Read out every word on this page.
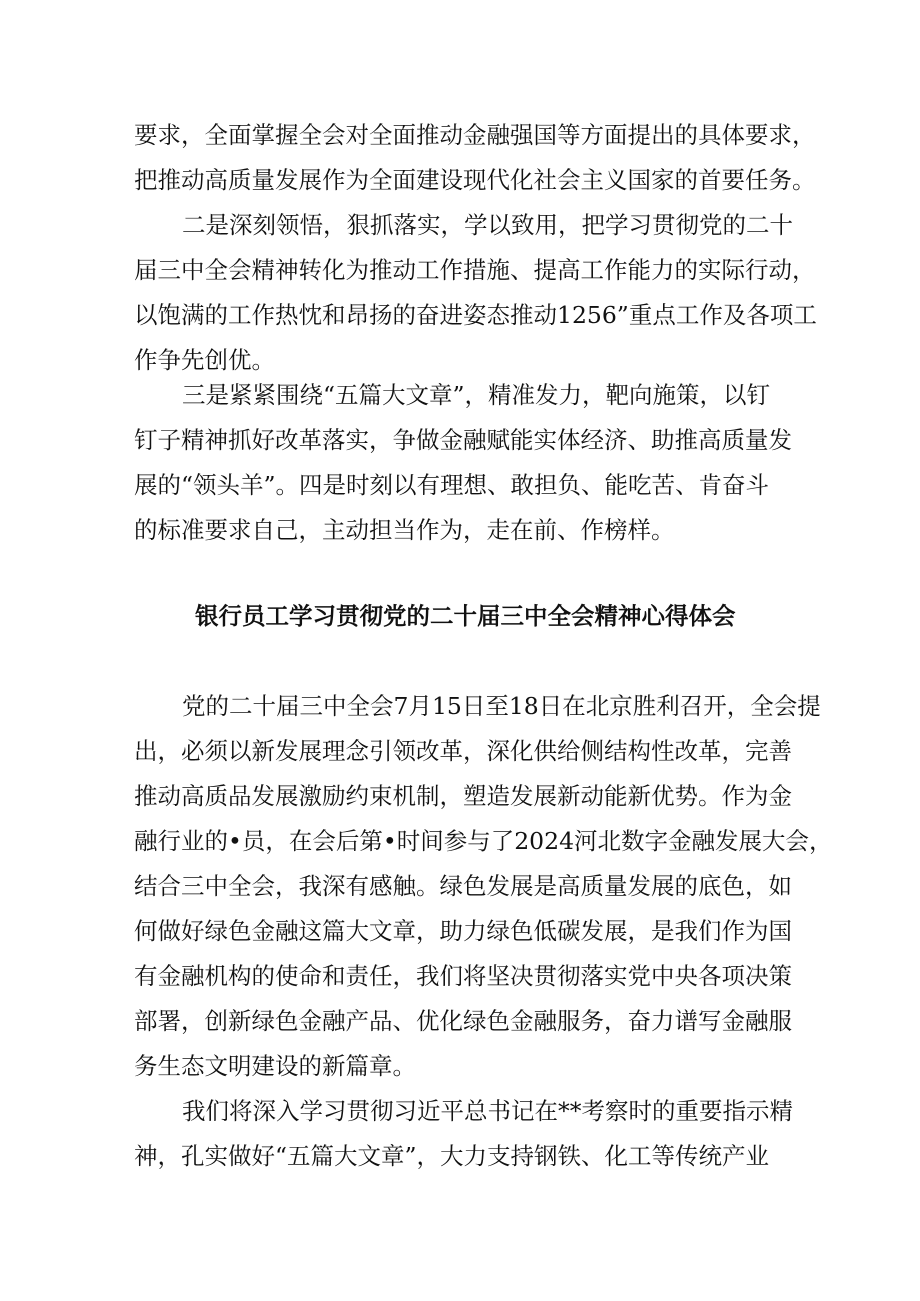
要求，全面掌握全会对全面推动金融强国等方面提出的具体要求，
把推动高质量发展作为全面建设现代化社会主义国家的首要任务。
二是深刻领悟，狠抓落实，学以致用，把学习贯彻党的二十
届三中全会精神转化为推动工作措施、提高工作能力的实际行动，
以饱满的工作热忱和昂扬的奋进姿态推动1256”重点工作及各项工
作争先创优。
三是紧紧围绕“五篇大文章”，精准发力，靶向施策，以钉
钉子精神抓好改革落实，争做金融赋能实体经济、助推高质量发
展的“领头羊”。四是时刻以有理想、敢担负、能吃苦、肯奋斗
的标准要求自己，主动担当作为，走在前、作榜样。
银行员工学习贯彻党的二十届三中全会精神心得体会
党的二十届三中全会7月15日至18日在北京胜利召开，全会提
出，必须以新发展理念引领改革，深化供给侧结构性改革，完善
推动高质品发展激励约束机制，塑造发展新动能新优势。作为金
融行业的•员，在会后第•时间参与了2024河北数字金融发展大会，
结合三中全会，我深有感触。绿色发展是高质量发展的底色，如
何做好绿色金融这篇大文章，助力绿色低碳发展，是我们作为国
有金融机构的使命和责任，我们将坚决贯彻落实党中央各项决策
部署，创新绿色金融产品、优化绿色金融服务，奋力谱写金融服
务生态文明建设的新篇章。
我们将深入学习贯彻习近平总书记在**考察时的重要指示精
神，孔实做好“五篇大文章”，大力支持钢铁、化工等传统产业
